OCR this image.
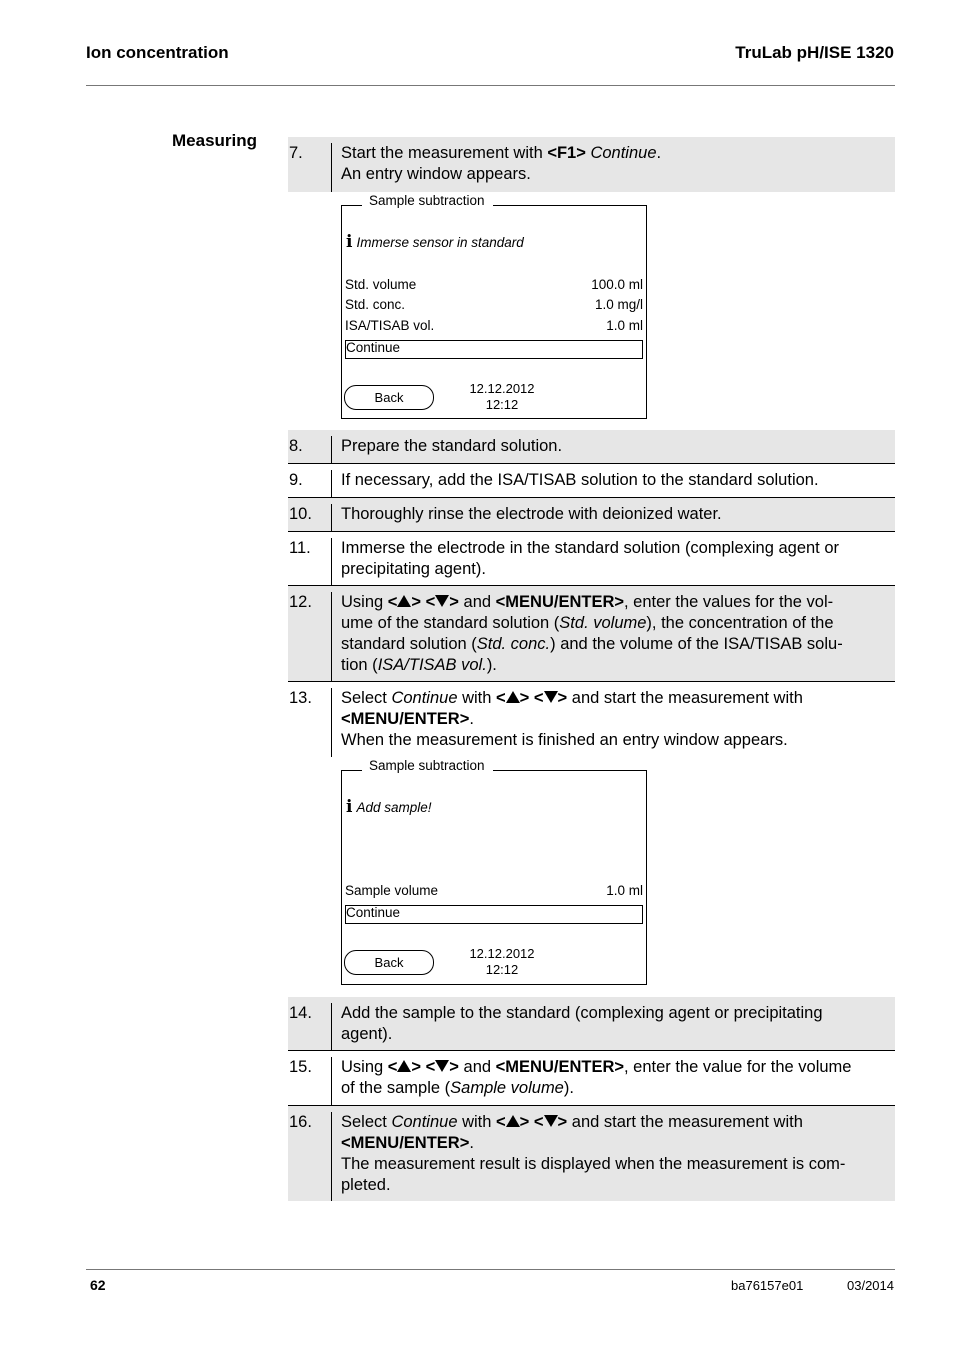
Ion concentration	TruLab pH/ISE 1320
Measuring
7. Start the measurement with <F1> Continue.

An entry window appears.

Sample subtraction
i Immerse sensor in standard
Std. volume	100.0 ml
Std. conc.	1.0 mg/l
ISA/TISAB vol.	1.0 ml
Continue
Back
12.12.2012
12:12
8. Prepare the standard solution.

9. If necessary, add the ISA/TISAB solution to the standard solution.

10. Thoroughly rinse the electrode with deionized water.

11. Immerse the electrode in the standard solution (complexing agent or

precipitating agent).

12. Using < > < > and <MENU/ENTER>, enter the values for the vol-

ume of the standard solution (Std. volume), the concentration of the

standard solution (Std. conc.) and the volume of the ISA/TISAB solu-

tion (ISA/TISAB vol.).

13. Select Continue with < > < > and start the measurement with

<MENU/ENTER>.

When the measurement is finished an entry window appears.

Sample subtraction
i Add sample!
Sample volume	1.0 ml
Continue
Back
12.12.2012
12:12
14. Add the sample to the standard (complexing agent or precipitating

agent).

15. Using < > < > and <MENU/ENTER>, enter the value for the volume

of the sample (Sample volume).

16. Select Continue with < > < > and start the measurement with

<MENU/ENTER>.

The measurement result is displayed when the measurement is com-

pleted.

62	ba76157e01	03/2014
